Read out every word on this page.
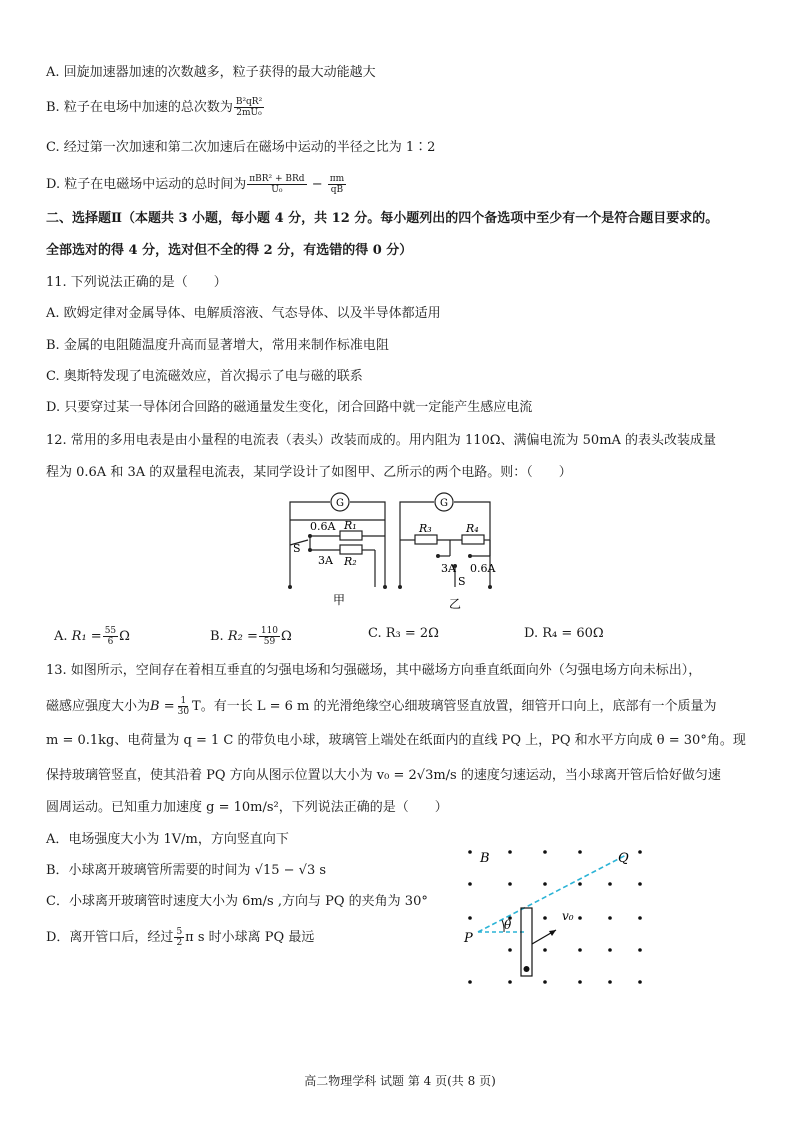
A. 回旋加速器加速的次数越多，粒子获得的最大动能越大
B. 粒子在电场中加速的总次数为 $\frac{\text{B²qR²}}{\text{2mU₀}}$
C. 经过第一次加速和第二次加速后在磁场中运动的半径之比为 1∶2
D. 粒子在电磁场中运动的总时间为 $\frac{\text{πBR² + BRd}}{\text{U₀}} - \frac{\pi m}{qB}$
二、选择题Ⅱ（本题共 3 小题，每小题 4 分，共 12 分。每小题列出的四个备选项中至少有一个是符合题目要求的。
全部选对的得 4 分，选对但不全的得 2 分，有选错的得 0 分）
11. 下列说法正确的是（　　）
A. 欧姆定律对金属导体、电解质溶液、气态导体、以及半导体都适用
B. 金属的电阻随温度升高而显著增大，常用来制作标准电阻
C. 奥斯特发现了电流磁效应，首次揭示了电与磁的联系
D. 只要穿过某一导体闭合回路的磁通量发生变化，闭合回路中就一定能产生感应电流
12. 常用的多用电表是由小量程的电流表（表头）改装而成的。用内阻为 110Ω、满偏电流为 50mA 的表头改装成量
程为 0.6A 和 3A 的双量程电流表，某同学设计了如图甲、乙所示的两个电路。则：（　　）
G	G
0.6A R₁
S
3A R₂
R₃	R₄
3A 0.6A
S
甲	乙
A. $R_1 = \frac{55}{6}$ Ω	B. $R_2 = \frac{110}{59}$ Ω	C. R₃ = 2Ω	D. R₄ = 60Ω
13. 如图所示，空间存在着相互垂直的匀强电场和匀强磁场，其中磁场方向垂直纸面向外（匀强电场方向未标出），
磁感应强度大小为$B = \frac{1}{30}$ T。有一长 L = 6 m 的光滑绝缘空心细玻璃管竖直放置，细管开口向上，底部有一个质量为
m = 0.1kg、电荷量为 q = 1 C 的带负电小球，玻璃管上端处在纸面内的直线 PQ 上，PQ 和水平方向成 θ = 30°角。现
保持玻璃管竖直，使其沿着 PQ 方向从图示位置以大小为 v₀ = 2√3m/s 的速度匀速运动，当小球离开管后恰好做匀速
圆周运动。已知重力加速度 g = 10m/s²，下列说法正确的是（　　）
A．电场强度大小为 1V/m，方向竖直向下
B．小球离开玻璃管所需要的时间为 √15 − √3 s
C．小球离开玻璃管时速度大小为 6m/s ,方向与 PQ 的夹角为 30°
D．离开管口后，经过 $\frac{5}{2}$ π s 时小球离 PQ 最远
B	Q
P
θ
v₀
高二物理学科 试题 第 4 页(共 8 页)
